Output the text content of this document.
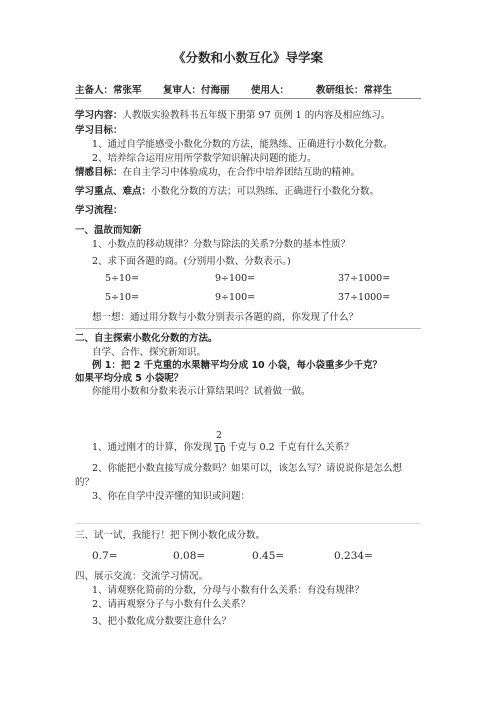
《分数和小数互化》导学案
主备人：常张军 复审人：付海丽 使用人：	教研组长：常祥生
学习内容：人教版实验教科书五年级下册第 97 页例 1 的内容及相应练习。
学习目标：
1、通过自学能感受小数化分数的方法，能熟练、正确进行小数化分数。
2、培养综合运用应用所学数学知识解决问题的能力。
情感目标：在自主学习中体验成功，在合作中培养团结互助的精神。
学习重点、难点：小数化分数的方法；可以熟练、正确进行小数化分数。
学习流程：
一、温故而知新
1、小数点的移动规律？分数与除法的关系?分数的基本性质？
2、求下面各题的商。(分别用小数、分数表示。)
5÷10=	9÷100=	37÷1000=
5÷10=	9÷100=	37÷1000=
想一想：通过用分数与小数分别表示各题的商，你发现了什么？
二、自主探索小数化分数的方法。
自学、合作、探究新知识。
例 1：把 2 千克重的水果糖平均分成 10 小袋，每小袋重多少千克？
如果平均分成 5 小袋呢？
你能用小数和分数来表示计算结果吗？试着做一做。
1、通过刚才的计算，你发现
2
10 千克与 0.2 千克有什么关系？
2、你能把小数直接写成分数吗？如果可以，该怎么写？请说说你是怎么想
的？
3、你在自学中没弄懂的知识或问题：
三、试一试，我能行！把下例小数化成分数。
0.7=	0.08=	0.45=	0.234=
四、展示交流：交流学习情况。
1、请观察化简前的分数，分母与小数有什么关系：有没有规律？
2、请再观察分子与小数有什么关系？
3、把小数化成分数要注意什么？
